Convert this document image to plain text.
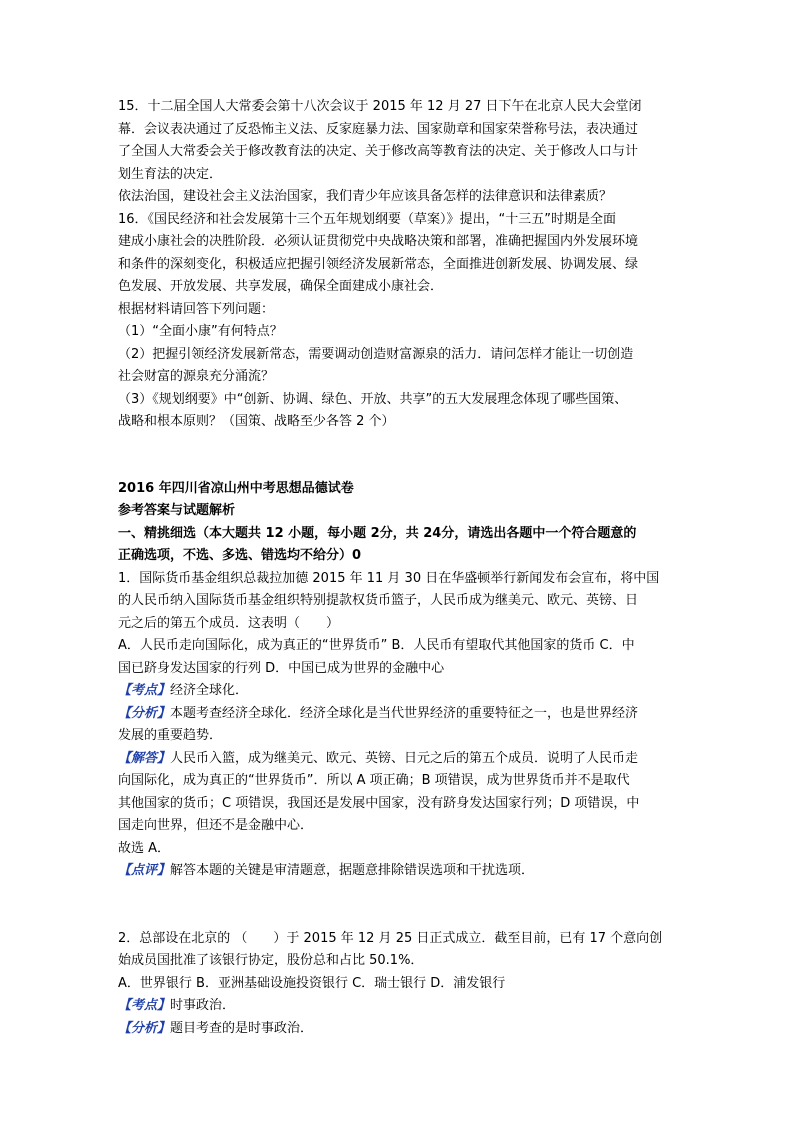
15．十二届全国人大常委会第十八次会议于 2015 年 12 月 27 日下午在北京人民大会堂闭
幕．会议表决通过了反恐怖主义法、反家庭暴力法、国家勋章和国家荣誉称号法，表决通过
了全国人大常委会关于修改教育法的决定、关于修改高等教育法的决定、关于修改人口与计
划生育法的决定．
依法治国，建设社会主义法治国家，我们青少年应该具备怎样的法律意识和法律素质？
16．《国民经济和社会发展第十三个五年规划纲要（草案）》提出，“十三五”时期是全面
建成小康社会的决胜阶段．必须认证贯彻党中央战略决策和部署，准确把握国内外发展环境
和条件的深刻变化，积极适应把握引领经济发展新常态，全面推进创新发展、协调发展、绿
色发展、开放发展、共享发展，确保全面建成小康社会．
根据材料请回答下列问题：
（1）“全面小康”有何特点？
（2）把握引领经济发展新常态，需要调动创造财富源泉的活力．请问怎样才能让一切创造
社会财富的源泉充分涌流？
（3）《规划纲要》中“创新、协调、绿色、开放、共享”的五大发展理念体现了哪些国策、
战略和根本原则？（国策、战略至少各答 2 个）
2016 年四川省凉山州中考思想品德试卷
参考答案与试题解析
一、精挑细选（本大题共 12 小题，每小题 2分，共 24分，请选出各题中一个符合题意的
正确选项，不选、多选、错选均不给分）0
1．国际货币基金组织总裁拉加德 2015 年 11 月 30 日在华盛顿举行新闻发布会宣布，将中国
的人民币纳入国际货币基金组织特别提款权货币篮子，人民币成为继美元、欧元、英镑、日
元之后的第五个成员．这表明（　　）
A．人民币走向国际化，成为真正的“世界货币” B．人民币有望取代其他国家的货币 C．中
国已跻身发达国家的行列 D．中国已成为世界的金融中心
【考点】经济全球化．
【分析】本题考查经济全球化．经济全球化是当代世界经济的重要特征之一，也是世界经济
发展的重要趋势．
【解答】人民币入篮，成为继美元、欧元、英镑、日元之后的第五个成员．说明了人民币走
向国际化，成为真正的“世界货币”．所以 A 项正确；B 项错误，成为世界货币并不是取代
其他国家的货币；C 项错误，我国还是发展中国家，没有跻身发达国家行列；D 项错误，中
国走向世界，但还不是金融中心．
故选 A．
【点评】解答本题的关键是审清题意，据题意排除错误选项和干扰选项．
2．总部设在北京的 （　　）于 2015 年 12 月 25 日正式成立．截至目前，已有 17 个意向创
始成员国批准了该银行协定，股份总和占比 50.1%．
A．世界银行 B．亚洲基础设施投资银行 C．瑞士银行 D．浦发银行
【考点】时事政治．
【分析】题目考查的是时事政治．
